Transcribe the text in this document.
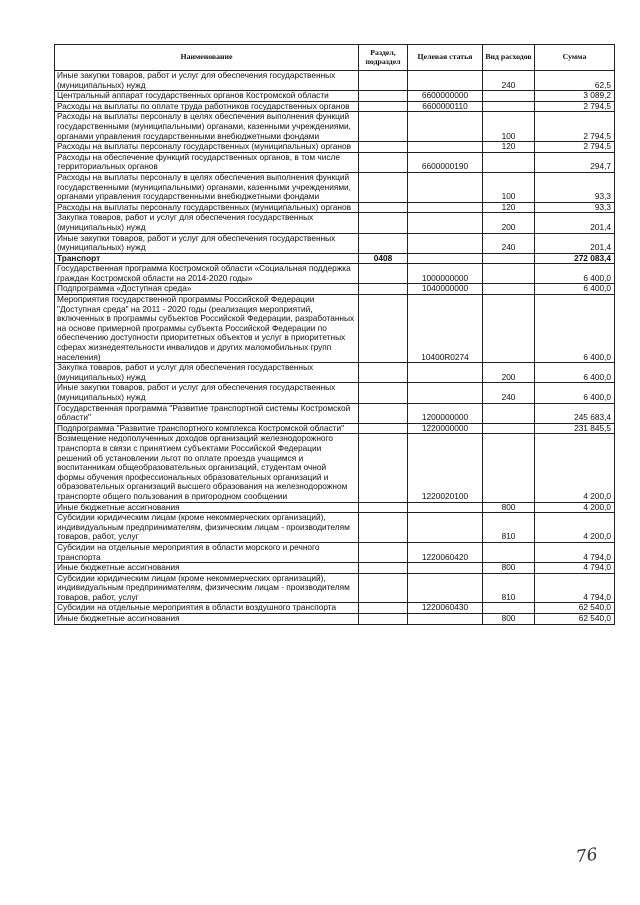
Наименование	Раздел, подраздел	Целевая статья	Вид расходов	Сумма
Иные закупки товаров, работ и услуг для обеспечения государственных (муниципальных) нужд			240	62,5
Центральный аппарат государственных органов Костромской области		6600000000		3 089,2
Расходы на выплаты по оплате труда работников государственных органов		6600000110		2 794,5
Расходы на выплаты персоналу в целях обеспечения выполнения функций государственными (муниципальными) органами, казенными учреждениями, органами управления государственными внебюджетными фондами			100	2 794,5
Расходы на выплаты персоналу государственных (муниципальных) органов			120	2 794,5
Расходы на обеспечение функций государственных органов, в том числе территориальных органов		6600000190		294,7
Расходы на выплаты персоналу в целях обеспечения выполнения функций государственными (муниципальными) органами, казенными учреждениями, органами управления государственными внебюджетными фондами			100	93,3
Расходы на выплаты персоналу государственных (муниципальных) органов			120	93,3
Закупка товаров, работ и услуг для обеспечения государственных (муниципальных) нужд			200	201,4
Иные закупки товаров, работ и услуг для обеспечения государственных (муниципальных) нужд			240	201,4
Транспорт	0408			272 083,4
Государственная программа Костромской области «Социальная поддержка граждан Костромской области на 2014-2020 годы»		1000000000		6 400,0
Подпрограмма «Доступная среда»		1040000000		6 400,0
Мероприятия государственной программы Российской Федерации "Доступная среда" на 2011 - 2020 годы (реализация мероприятий, включенных в программы субъектов Российской Федерации, разработанных на основе примерной программы субъекта Российской Федерации по обеспечению доступности приоритетных объектов и услуг в приоритетных сферах жизнедеятельности инвалидов и других маломобильных групп населения)		10400R0274		6 400,0
Закупка товаров, работ и услуг для обеспечения государственных (муниципальных) нужд			200	6 400,0
Иные закупки товаров, работ и услуг для обеспечения государственных (муниципальных) нужд			240	6 400,0
Государственная программа "Развитие транспортной системы Костромской области"		1200000000		245 683,4
Подпрограмма "Развитие транспортного комплекса Костромской области"		1220000000		231 845,5
Возмещение недополученных доходов организаций железнодорожного транспорта в связи с принятием субъектами Российской Федерации решений об установлении льгот по оплате проезда учащимся и воспитанникам общеобразовательных организаций, студентам очной формы обучения профессиональных образовательных организаций и образовательных организаций высшего образования на железнодорожном транспорте общего пользования в пригородном сообщении		1220020100		4 200,0
Иные бюджетные ассигнования			800	4 200,0
Субсидии юридическим лицам (кроме некоммерческих организаций), индивидуальным предпринимателям, физическим лицам - производителям товаров, работ, услуг			810	4 200,0
Субсидии на отдельные мероприятия в области морского и речного транспорта		1220060420		4 794,0
Иные бюджетные ассигнования			800	4 794,0
Субсидии юридическим лицам (кроме некоммерческих организаций), индивидуальным предпринимателям, физическим лицам - производителям товаров, работ, услуг			810	4 794,0
Субсидии на отдельные мероприятия в области воздушного транспорта		1220060430		62 540,0
Иные бюджетные ассигнования			800	62 540,0
76
